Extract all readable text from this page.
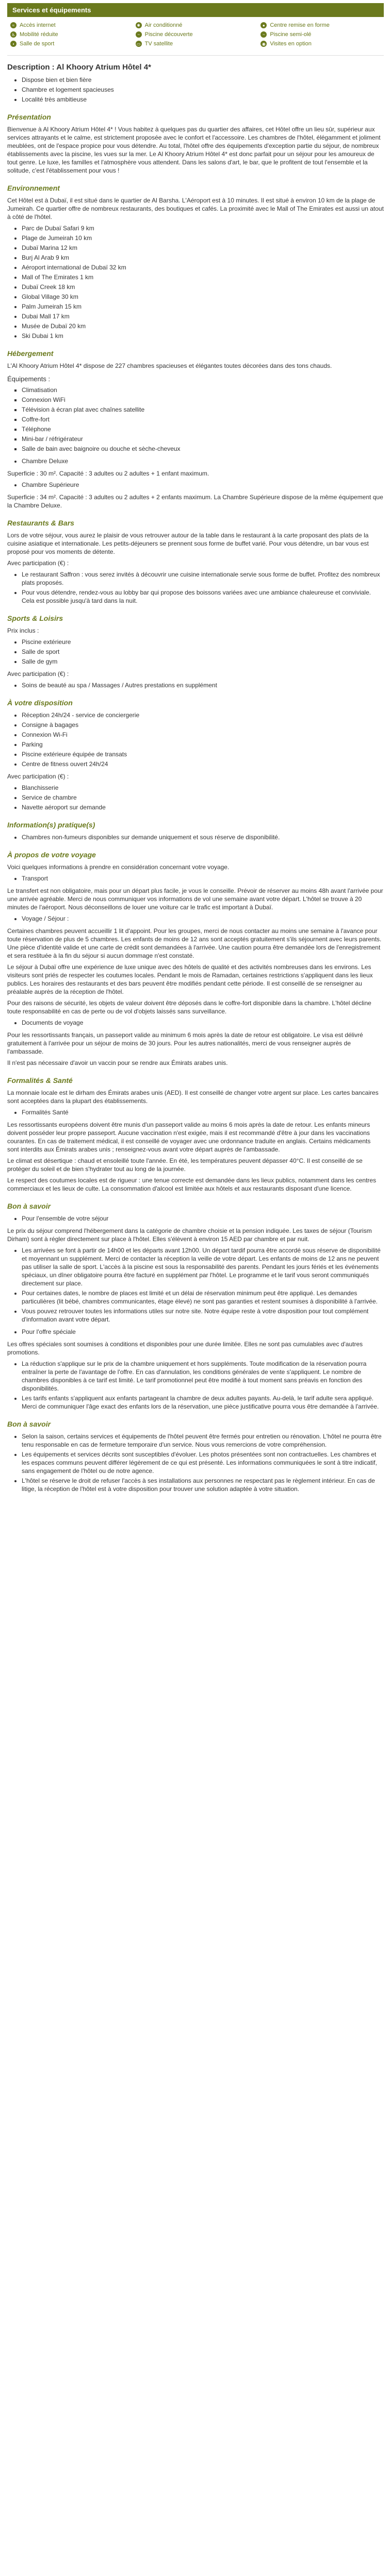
Services et équipements
≈ Accès internet	✱ Air conditionné	● Centre remise en forme
♿ Mobilité réduite	~ Piscine découverte	~ Piscine semi-olé
▪ Salle de sport	▭ TV satellite	◉ Visites en option
Description : Al Khoory Atrium Hôtel 4*
• Dispose bien et bien fière
• Chambre et logement spacieuses
• Localité très ambitieuse
Présentation

Bienvenue à Al Khoory Atrium Hôtel 4* ! Vous habitez à quelques pas du quartier des affaires, cet Hôtel offre un lieu sûr, supérieur aux services attrayants et le calme, est strictement proposée avec le confort et l'accessoire. Les chambres de l'hôtel, élégamment et joliment meublées, ont de l'espace propice pour vous détendre. Au total, l'hôtel offre des équipements d'exception partie du séjour, de nombreux établissements avec la piscine, les vues sur la mer. Le Al Khoory Atrium Hôtel 4* est donc parfait pour un séjour pour les amoureux de tout genre. Le luxe, les familles et l'atmosphère vous attendent. Dans les salons d'art, le bar, que le profitent de tout l'ensemble et la solitude, c'est l'établissement pour vous !

Environnement

Cet Hôtel est à Dubaï, il est situé dans le quartier de Al Barsha. L'Aéroport est à 10 minutes. Il est situé à environ 10 km de la plage de Jumeirah. Ce quartier offre de nombreux restaurants, des boutiques et cafés. La proximité avec le Mall of The Emirates est aussi un atout à côté de l'hôtel.

• Parc de Dubaï Safari 9 km
• Plage de Jumeirah 10 km
• Dubaï Marina 12 km
• Burj Al Arab 9 km
• Aéroport international de Dubaï 32 km
• Mall of The Emirates 1 km
• Dubaï Creek 18 km
• Global Village 30 km
• Palm Jumeirah 15 km
• Dubai Mall 17 km
• Musée de Dubaï 20 km
• Ski Dubai 1 km
Hébergement

L'Al Khoory Atrium Hôtel 4* dispose de 227 chambres spacieuses et élégantes toutes décorées dans des tons chauds.

Équipements :
▪ Climatisation
▪ Connexion WiFi
▪ Télévision à écran plat avec chaînes satellite
▪ Coffre-fort
▪ Téléphone
▪ Mini-bar / réfrigérateur
▪ Salle de bain avec baignoire ou douche et sèche-cheveux
• Chambre Deluxe

Superficie : 30 m². Capacité : 3 adultes ou 2 adultes + 1 enfant maximum.

• Chambre Supérieure

Superficie : 34 m². Capacité : 3 adultes ou 2 adultes + 2 enfants maximum. La Chambre Supérieure dispose de la même équipement que la Chambre Deluxe.

Restaurants & Bars

Lors de votre séjour, vous aurez le plaisir de vous retrouver autour de la table dans le restaurant à la carte proposant des plats de la cuisine asiatique et internationale. Les petits-déjeuners se prennent sous forme de buffet varié. Pour vous détendre, un bar vous est proposé pour vos moments de détente.

Avec participation (€) :

• Le restaurant Saffron : vous serez invités à découvrir une cuisine internationale servie sous forme de buffet. Profitez des nombreux plats proposés.
• Pour vous détendre, rendez-vous au lobby bar qui propose des boissons variées avec une ambiance chaleureuse et conviviale. Cela est possible jusqu'à tard dans la nuit.
Sports & Loisirs

Prix inclus :

• Piscine extérieure
• Salle de sport
• Salle de gym

Avec participation (€) :

• Soins de beauté au spa / Massages / Autres prestations en supplément
À votre disposition
• Réception 24h/24 - service de conciergerie
• Consigne à bagages
• Connexion Wi-Fi
• Parking
• Piscine extérieure équipée de transats
• Centre de fitness ouvert 24h/24

Avec participation (€) :

• Blanchisserie
• Service de chambre
• Navette aéroport sur demande
Information(s) pratique(s)
• Chambres non-fumeurs disponibles sur demande uniquement et sous réserve de disponibilité.
À propos de votre voyage

Voici quelques informations à prendre en considération concernant votre voyage.

• Transport

Le transfert est non obligatoire, mais pour un départ plus facile, je vous le conseille. Prévoir de réserver au moins 48h avant l'arrivée pour une arrivée agréable. Merci de nous communiquer vos informations de vol une semaine avant votre départ. L'hôtel se trouve à 20 minutes de l'aéroport. Nous déconseillons de louer une voiture car le trafic est important à Dubaï.

• Voyage / Séjour :

Certaines chambres peuvent accueillir 1 lit d'appoint. Pour les groupes, merci de nous contacter au moins une semaine à l'avance pour toute réservation de plus de 5 chambres. Les enfants de moins de 12 ans sont acceptés gratuitement s'ils séjournent avec leurs parents. Une pièce d'identité valide et une carte de crédit sont demandées à l'arrivée. Une caution pourra être demandée lors de l'enregistrement et sera restituée à la fin du séjour si aucun dommage n'est constaté.

Le séjour à Dubaï offre une expérience de luxe unique avec des hôtels de qualité et des activités nombreuses dans les environs. Les visiteurs sont priés de respecter les coutumes locales. Pendant le mois de Ramadan, certaines restrictions s'appliquent dans les lieux publics. Les horaires des restaurants et des bars peuvent être modifiés pendant cette période. Il est conseillé de se renseigner au préalable auprès de la réception de l'hôtel.

Pour des raisons de sécurité, les objets de valeur doivent être déposés dans le coffre-fort disponible dans la chambre. L'hôtel décline toute responsabilité en cas de perte ou de vol d'objets laissés sans surveillance.

• Documents de voyage

Pour les ressortissants français, un passeport valide au minimum 6 mois après la date de retour est obligatoire. Le visa est délivré gratuitement à l'arrivée pour un séjour de moins de 30 jours. Pour les autres nationalités, merci de vous renseigner auprès de l'ambassade.

Il n'est pas nécessaire d'avoir un vaccin pour se rendre aux Émirats arabes unis.

Formalités & Santé

La monnaie locale est le dirham des Émirats arabes unis (AED). Il est conseillé de changer votre argent sur place. Les cartes bancaires sont acceptées dans la plupart des établissements.

• Formalités Santé

Les ressortissants européens doivent être munis d'un passeport valide au moins 6 mois après la date de retour. Les enfants mineurs doivent posséder leur propre passeport. Aucune vaccination n'est exigée, mais il est recommandé d'être à jour dans les vaccinations courantes. En cas de traitement médical, il est conseillé de voyager avec une ordonnance traduite en anglais. Certains médicaments sont interdits aux Émirats arabes unis ; renseignez-vous avant votre départ auprès de l'ambassade.

Le climat est désertique : chaud et ensoleillé toute l'année. En été, les températures peuvent dépasser 40°C. Il est conseillé de se protéger du soleil et de bien s'hydrater tout au long de la journée.

Le respect des coutumes locales est de rigueur : une tenue correcte est demandée dans les lieux publics, notamment dans les centres commerciaux et les lieux de culte. La consommation d'alcool est limitée aux hôtels et aux restaurants disposant d'une licence.

Bon à savoir
• Pour l'ensemble de votre séjour

Le prix du séjour comprend l'hébergement dans la catégorie de chambre choisie et la pension indiquée. Les taxes de séjour (Tourism Dirham) sont à régler directement sur place à l'hôtel. Elles s'élèvent à environ 15 AED par chambre et par nuit.

• Les arrivées se font à partir de 14h00 et les départs avant 12h00. Un départ tardif pourra être accordé sous réserve de disponibilité et moyennant un supplément. Merci de contacter la réception la veille de votre départ. Les enfants de moins de 12 ans ne peuvent pas utiliser la salle de sport. L'accès à la piscine est sous la responsabilité des parents. Pendant les jours fériés et les événements spéciaux, un dîner obligatoire pourra être facturé en supplément par l'hôtel. Le programme et le tarif vous seront communiqués directement sur place.
• Pour certaines dates, le nombre de places est limité et un délai de réservation minimum peut être appliqué. Les demandes particulières (lit bébé, chambres communicantes, étage élevé) ne sont pas garanties et restent soumises à disponibilité à l'arrivée.
• Vous pouvez retrouver toutes les informations utiles sur notre site. Notre équipe reste à votre disposition pour tout complément d'information avant votre départ.
• Pour l'offre spéciale

Les offres spéciales sont soumises à conditions et disponibles pour une durée limitée. Elles ne sont pas cumulables avec d'autres promotions.

• La réduction s'applique sur le prix de la chambre uniquement et hors suppléments. Toute modification de la réservation pourra entraîner la perte de l'avantage de l'offre. En cas d'annulation, les conditions générales de vente s'appliquent. Le nombre de chambres disponibles à ce tarif est limité. Le tarif promotionnel peut être modifié à tout moment sans préavis en fonction des disponibilités.
• Les tarifs enfants s'appliquent aux enfants partageant la chambre de deux adultes payants. Au-delà, le tarif adulte sera appliqué. Merci de communiquer l'âge exact des enfants lors de la réservation, une pièce justificative pourra vous être demandée à l'arrivée.
Bon à savoir
• Selon la saison, certains services et équipements de l'hôtel peuvent être fermés pour entretien ou rénovation. L'hôtel ne pourra être tenu responsable en cas de fermeture temporaire d'un service. Nous vous remercions de votre compréhension.
• Les équipements et services décrits sont susceptibles d'évoluer. Les photos présentées sont non contractuelles. Les chambres et les espaces communs peuvent différer légèrement de ce qui est présenté. Les informations communiquées le sont à titre indicatif, sans engagement de l'hôtel ou de notre agence.
• L'hôtel se réserve le droit de refuser l'accès à ses installations aux personnes ne respectant pas le règlement intérieur. En cas de litige, la réception de l'hôtel est à votre disposition pour trouver une solution adaptée à votre situation.
